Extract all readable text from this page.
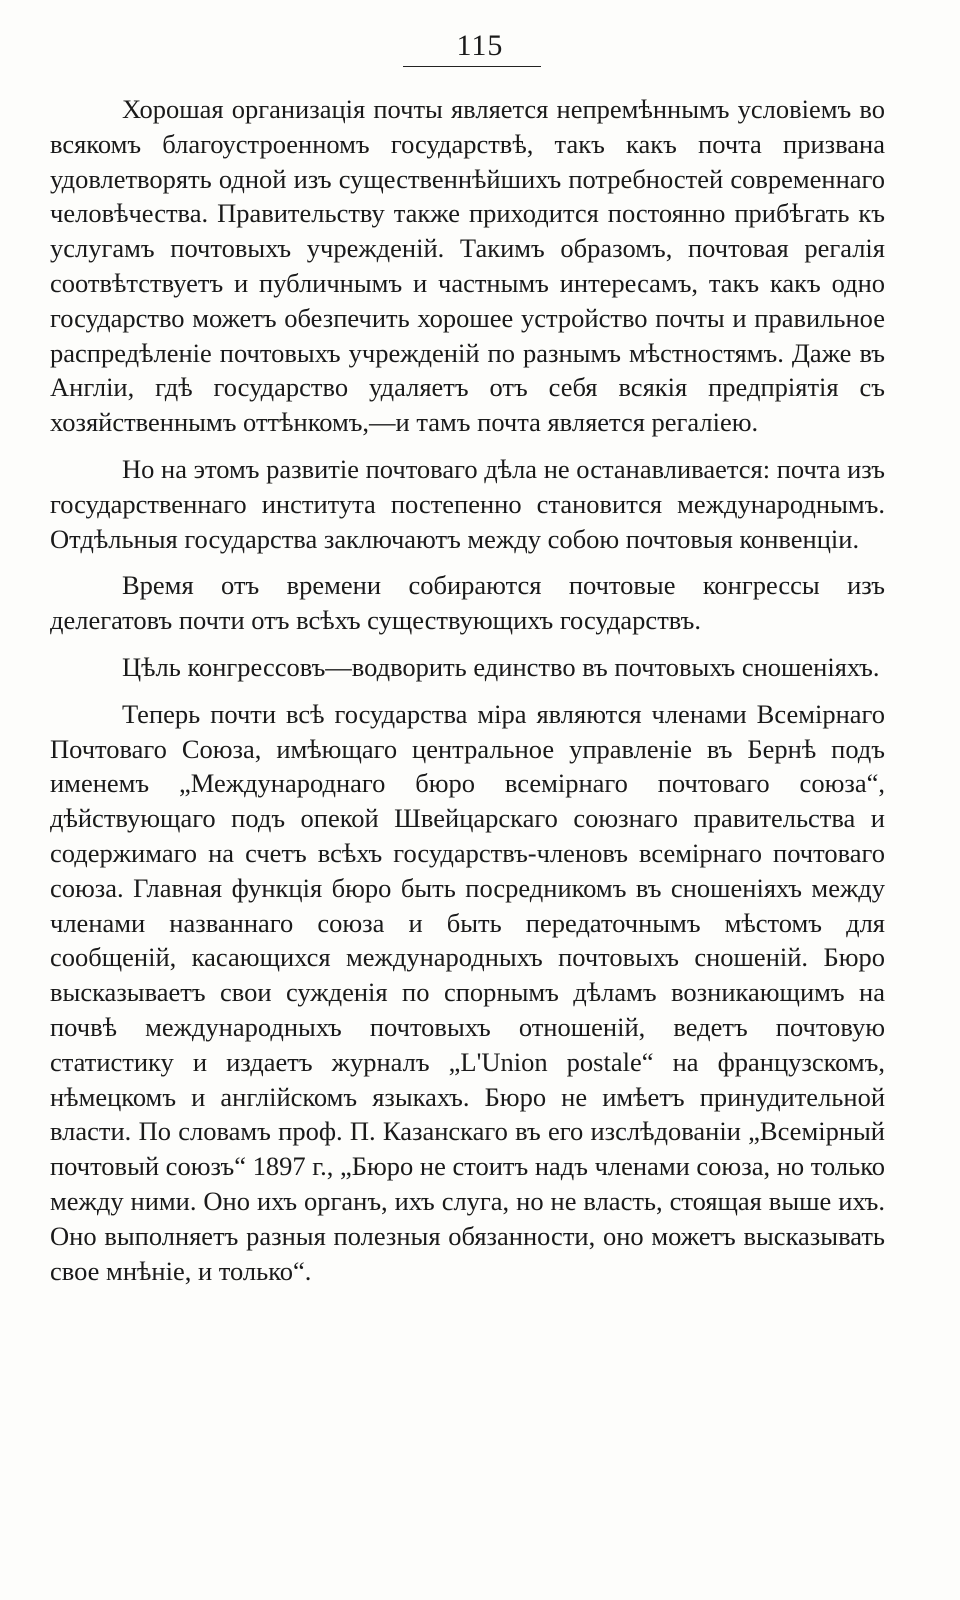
115

Хорошая организація почты является непремѣннымъ условіемъ во всякомъ благоустроенномъ государствѣ, такъ какъ почта призвана удовлетворять одной изъ существеннѣйшихъ потребностей современнаго человѣчества. Правительству также приходится постоянно прибѣгать къ услугамъ почтовыхъ учрежденій. Такимъ образомъ, почтовая регалія соотвѣтствуетъ и публичнымъ и частнымъ интересамъ, такъ какъ одно государство можетъ обезпечить хорошее устройство почты и правильное распредѣленіе почтовыхъ учрежденій по разнымъ мѣстностямъ. Даже въ Англіи, гдѣ государство удаляетъ отъ себя всякія предпріятія съ хозяйственнымъ оттѣнкомъ,—и тамъ почта является регаліею.

Но на этомъ развитіе почтоваго дѣла не останавливается: почта изъ государственнаго института постепенно становится международнымъ. Отдѣльныя государства заключаютъ между собою почтовыя конвенціи.

Время отъ времени собираются почтовые конгрессы изъ делегатовъ почти отъ всѣхъ существующихъ государствъ.

Цѣль конгрессовъ—водворить единство въ почтовыхъ сношеніяхъ.

Теперь почти всѣ государства міра являются членами Всемірнаго Почтоваго Союза, имѣющаго центральное управленіе въ Бернѣ подъ именемъ „Международнаго бюро всемірнаго почтоваго союза“, дѣйствующаго подъ опекой Швейцарскаго союзнаго правительства и содержимаго на счетъ всѣхъ государствъ-членовъ всемірнаго почтоваго союза. Главная функція бюро быть посредникомъ въ сношеніяхъ между членами названнаго союза и быть передаточнымъ мѣстомъ для сообщеній, касающихся международныхъ почтовыхъ сношеній. Бюро высказываетъ свои сужденія по спорнымъ дѣламъ возникающимъ на почвѣ международныхъ почтовыхъ отношеній, ведетъ почтовую статистику и издаетъ журналъ „L'Union postale“ на французскомъ, нѣмецкомъ и англійскомъ языкахъ. Бюро не имѣетъ принудительной власти. По словамъ проф. П. Казанскаго въ его изслѣдованіи „Всемірный почтовый союзъ“ 1897 г., „Бюро не стоитъ надъ членами союза, но только между ними. Оно ихъ органъ, ихъ слуга, но не власть, стоящая выше ихъ. Оно выполняетъ разныя полезныя обязанности, оно можетъ высказывать свое мнѣніе, и только“.
